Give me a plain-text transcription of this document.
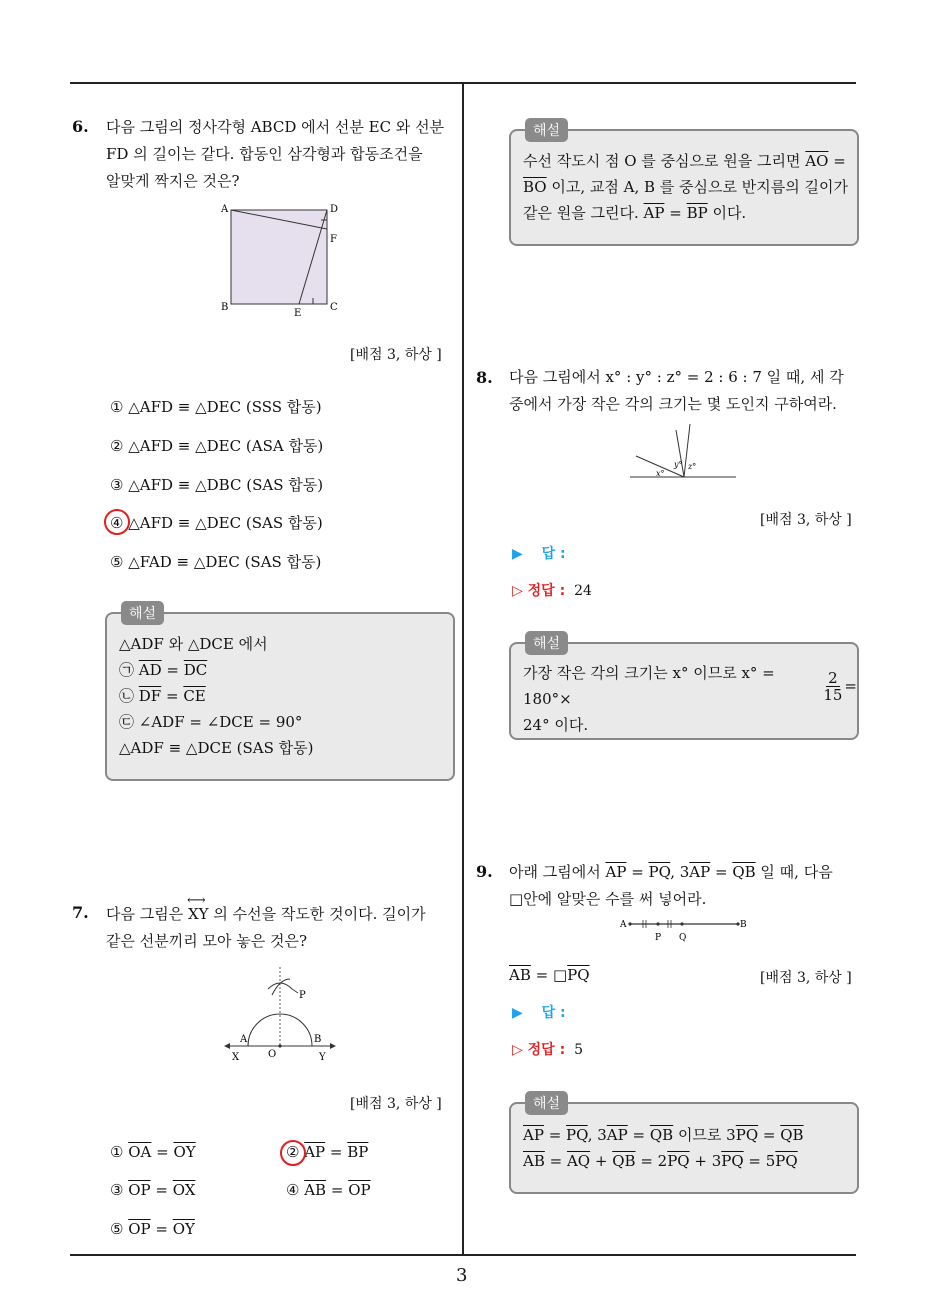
3
6. 다음 그림의 정사각형 ABCD 에서 선분 EC 와 선분
FD 의 길이는 같다. 합동인 삼각형과 합동조건을
알맞게 짝지은 것은?
A	D
F
B
E
C
[배점 3, 하상 ]
① △AFD ≡ △DEC (SSS 합동)
② △AFD ≡ △DEC (ASA 합동)
③ △AFD ≡ △DBC (SAS 합동)
④ △AFD ≡ △DEC (SAS 합동)
⑤ △FAD ≡ △DEC (SAS 합동)
해설
△ADF 와 △DCE 에서
㉠ $\overline{AD} = \overline{DC}$
㉡ $\overline{DF} = \overline{CE}$
㉢ ∠ADF = ∠DCE = 90°
△ADF ≡ △DCE (SAS 합동)
7. 다음 그림은
⟷
XY 의 수선을 작도한 것이다. 길이가
같은 선분끼리 모아 놓은 것은?
P
A	B
X	O	Y
[배점 3, 하상 ]
① $\overline{OA} = \overline{OY}$	② $\overline{AP} = \overline{BP}$
③ $\overline{OP} = \overline{OX}$	④ $\overline{AB} = \overline{OP}$
⑤ $\overline{OP} = \overline{OY}$
해설
수선 작도시 점 O 를 중심으로 원을 그리면 $\overline{AO}$ =
$\overline{BO}$ 이고, 교점 A, B 를 중심으로 반지름의 길이가
같은 원을 그린다. $\overline{AP} = \overline{BP}$ 이다.
8. 다음 그림에서 x° : y° : z° = 2 : 6 : 7 일 때, 세 각
중에서 가장 작은 각의 크기는 몇 도인지 구하여라.
x°
y° z°
[배점 3, 하상 ]
▶ 답 :
▷ 정답 : 24
해설
가장 작은 각의 크기는 x° 이므로 x° = 180°×	$\frac{2}{15}$ =
24° 이다.
9. 아래 그림에서 $\overline{AP} = \overline{PQ}$, $3\overline{AP} = \overline{QB}$ 일 때, 다음
□안에 알맞은 수를 써 넣어라.
A
P Q
B
$\overline{AB}$ = $□\overline{PQ}$	[배점 3, 하상 ]
▶ 답 :
▷ 정답 : 5
해설
$\overline{AP} = \overline{PQ}$, $3\overline{AP} = \overline{QB}$ 이므로 $3\overline{PQ} = \overline{QB}$
$\overline{AB} = \overline{AQ} + \overline{QB} = 2\overline{PQ} + 3\overline{PQ} = 5\overline{PQ}$
